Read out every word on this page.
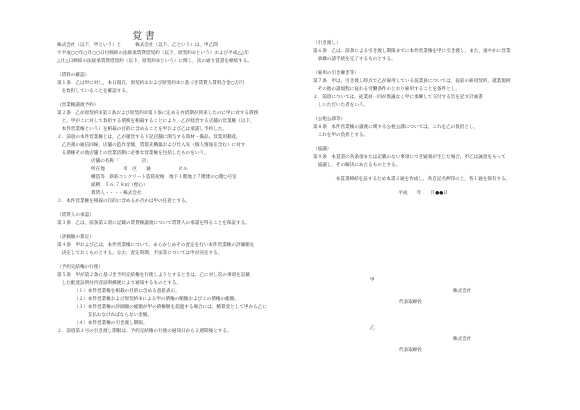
覚書

株式会社（以下，甲という）と　　　株式会社（以下，乙という）は，甲乙間

で平成○○年○月○○日付締結の法統承賃貸借契約（以下，原契約①という）および平成△△年

△月△日締結の法統承賃貸借契約（以下，原契約②という）に関し，次の通り覚書を締結する。

（賃料の確認）

第１条　乙は甲に対し，本日現在，原契約①および原契約②に基づき賃貸人賃料合金○万円

　を負担していることを確認する。

（営業権譲渡予約）

第２条　乙が原契約②第３条および原契約②第３条に定める弁済期が到来したのに甲に対する債務

　と，甲がこに対して負担する債務を相殺することにより，乙が経営する店舗の営業権（以下，

　本件営業権という）を相殺の目的に含めることを甲および乙は承諾し予約した。

２．前項の本件営業権とは，乙が運営する下記店舗に関与する資材・備品，営業用動産，

　乙名義の通信回線，店舗の造作金額，賃借先構築および仕入先（個人情報を含む）に対す

　る債権その他店舗上の営業活動に必要な営業権を包括したものをいう。

店舗の名称「　　　　　店」

所在地　　　　市　区　　通　　　　　　ビル

構造等　鉄筋コンクリート造陸屋根　地下１階地上７階建の○階○号室

面積　５６.７８㎡（壁心）

賃貸人・・・・株式会社

３．本件営業権を相殺の目的に含めるか否かは甲の任意とする。

（賃貸人の承認）

第３条　乙は，前条第２項に記載の賃貸権譲渡について賃貸人の承諾を得ることを保証する。

（評価額の算定）

第４条　甲および乙は，本件営業権について，あらかじめその査定を行い本件営業権の評価額を

　決定しておくものとする。なお，査定時期，手法等については甲が決定する。

（予約完結権の行使）

第５条　甲が第２条に基づき予約完結権を行使しようとするときは，乙に対し次の事項を記載

　した配達証明付内容証明郵便により通知するものとする。

（１）本件営業権を相殺の目的に含める意思表示。

（２）本件営業権および原契約②による甲の債権の額額およびこの債権の総額。

（３）本件営業権の評価額の総額が甲の債権額を超過する場合には，精算金として甲から乙に

　支払わなければならない金額。

（４）本件営業権の引き渡し期限。

２．前項第１号の引き渡し期限は，予約完結権の行使の通知日から２週間後とする。

（引き渡し）

第６条　乙は，前条による引き渡し期限までに本件営業権を甲に引き渡し，また，速やかに営業

　承継の諸手続を完了するものとする。

（雇用の引き継ぎ等）

第７条　甲は，引き渡し時点で乙が雇用している従業員については，従前の雇用契約，就業規則

　その他の諸規程に従わる労働条件のとおり雇用することを条件とし，

２．前項については，従業員一同が異議なく甲に承継して交付する旨を記す計画書

　しいただいた者をいう。

（公租公課等）

第８条　本件営業権の譲渡に関する公租公課については，これを乙の負担とし，

　これを甲の負担とする。

（協議）

第９条　本覚書の各条項または記載のない事項につき疑義が生じた場合，甲乙は誠意をもって

　協議し，その解決にあたるものとする。

本覚書締結を証するため本書２通を作成し，各自記名押印の上，各１通を保有する。

平成　　年　　月●●日

甲
株式会社
代表取締役
乙
株式会社
代表取締役
